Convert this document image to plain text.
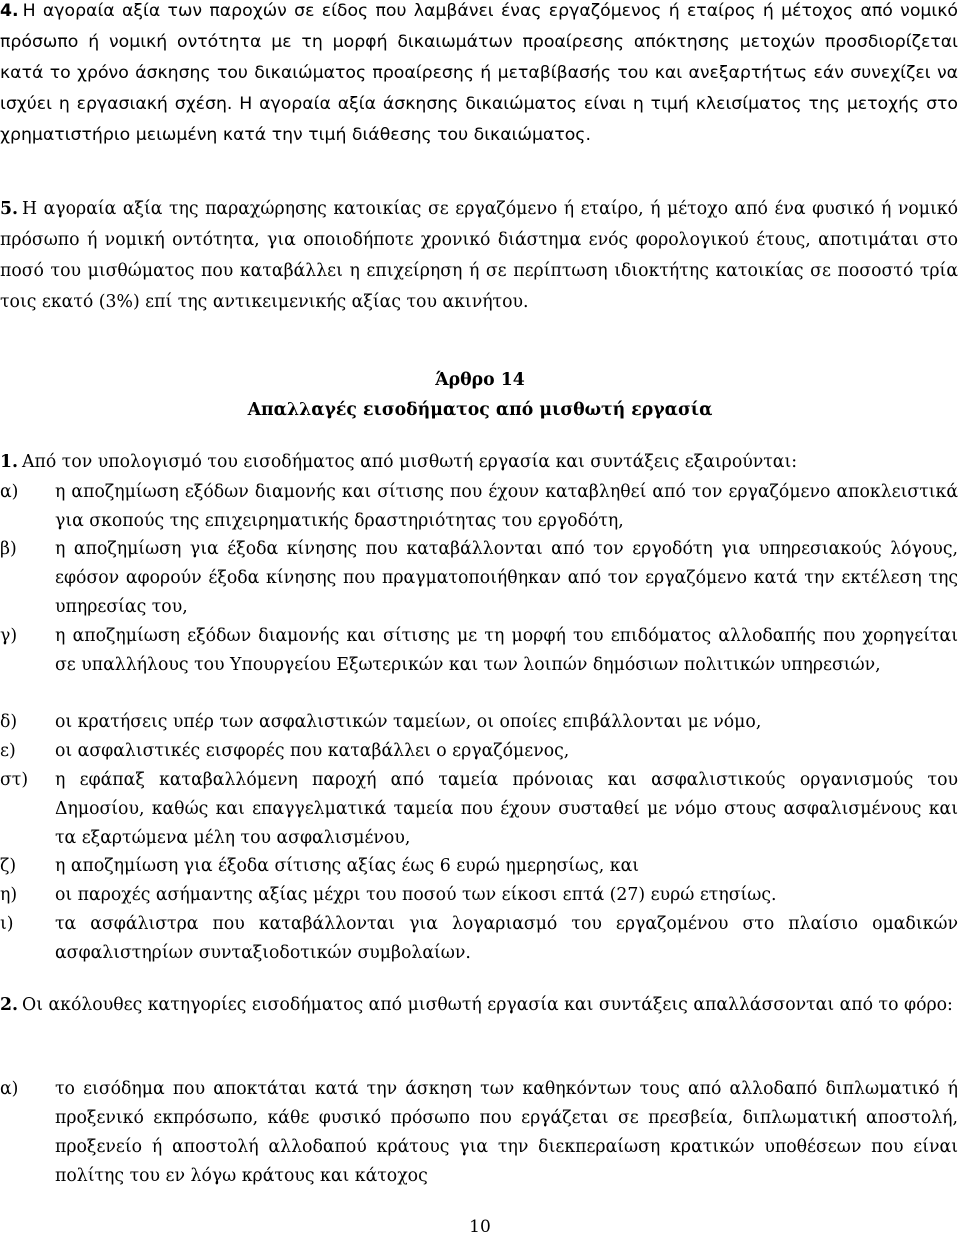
4. Η αγοραία αξία των παροχών σε είδος που λαμβάνει ένας εργαζόμενος ή εταίρος ή μέτοχος από νομικό πρόσωπο ή νομική οντότητα με τη μορφή δικαιωμάτων προαίρεσης απόκτησης μετοχών προσδιορίζεται κατά το χρόνο άσκησης του δικαιώματος προαίρεσης ή μεταβίβασής του και ανεξαρτήτως εάν συνεχίζει να ισχύει η εργασιακή σχέση. Η αγοραία αξία άσκησης δικαιώματος είναι η τιμή κλεισίματος της μετοχής στο χρηματιστήριο μειωμένη κατά την τιμή διάθεσης του δικαιώματος.

5. Η αγοραία αξία της παραχώρησης κατοικίας σε εργαζόμενο ή εταίρο, ή μέτοχο από ένα φυσικό ή νομικό πρόσωπο ή νομική οντότητα, για οποιοδήποτε χρονικό διάστημα ενός φορολογικού έτους, αποτιμάται στο ποσό του μισθώματος που καταβάλλει η επιχείρηση ή σε περίπτωση ιδιοκτήτης κατοικίας σε ποσοστό τρία τοις εκατό (3%) επί της αντικειμενικής αξίας του ακινήτου.

Άρθρο 14

Απαλλαγές εισοδήματος από μισθωτή εργασία

1. Από τον υπολογισμό του εισοδήματος από μισθωτή εργασία και συντάξεις εξαιρούνται:

α) η αποζημίωση εξόδων διαμονής και σίτισης που έχουν καταβληθεί από τον εργαζόμενο αποκλειστικά για σκοπούς της επιχειρηματικής δραστηριότητας του εργοδότη,

β) η αποζημίωση για έξοδα κίνησης που καταβάλλονται από τον εργοδότη για υπηρεσιακούς λόγους, εφόσον αφορούν έξοδα κίνησης που πραγματοποιήθηκαν από τον εργαζόμενο κατά την εκτέλεση της υπηρεσίας του,

γ) η αποζημίωση εξόδων διαμονής και σίτισης με τη μορφή του επιδόματος αλλοδαπής που χορηγείται σε υπαλλήλους του Υπουργείου Εξωτερικών και των λοιπών δημόσιων πολιτικών υπηρεσιών,

δ) οι κρατήσεις υπέρ των ασφαλιστικών ταμείων, οι οποίες επιβάλλονται με νόμο,

ε) οι ασφαλιστικές εισφορές που καταβάλλει ο εργαζόμενος,

στ) η εφάπαξ καταβαλλόμενη παροχή από ταμεία πρόνοιας και ασφαλιστικούς οργανισμούς του Δημοσίου, καθώς και επαγγελματικά ταμεία που έχουν συσταθεί με νόμο στους ασφαλισμένους και τα εξαρτώμενα μέλη του ασφαλισμένου,

ζ) η αποζημίωση για έξοδα σίτισης αξίας έως 6 ευρώ ημερησίως, και

η) οι παροχές ασήμαντης αξίας μέχρι του ποσού των είκοσι επτά (27) ευρώ ετησίως.

ι) τα ασφάλιστρα που καταβάλλονται για λογαριασμό του εργαζομένου στο πλαίσιο ομαδικών ασφαλιστηρίων συνταξιοδοτικών συμβολαίων.

2. Οι ακόλουθες κατηγορίες εισοδήματος από μισθωτή εργασία και συντάξεις απαλλάσσονται από το φόρο:

α) το εισόδημα που αποκτάται κατά την άσκηση των καθηκόντων τους από αλλοδαπό διπλωματικό ή προξενικό εκπρόσωπο, κάθε φυσικό πρόσωπο που εργάζεται σε πρεσβεία, διπλωματική αποστολή, προξενείο ή αποστολή αλλοδαπού κράτους για την διεκπεραίωση κρατικών υποθέσεων που είναι πολίτης του εν λόγω κράτους και κάτοχος

10
